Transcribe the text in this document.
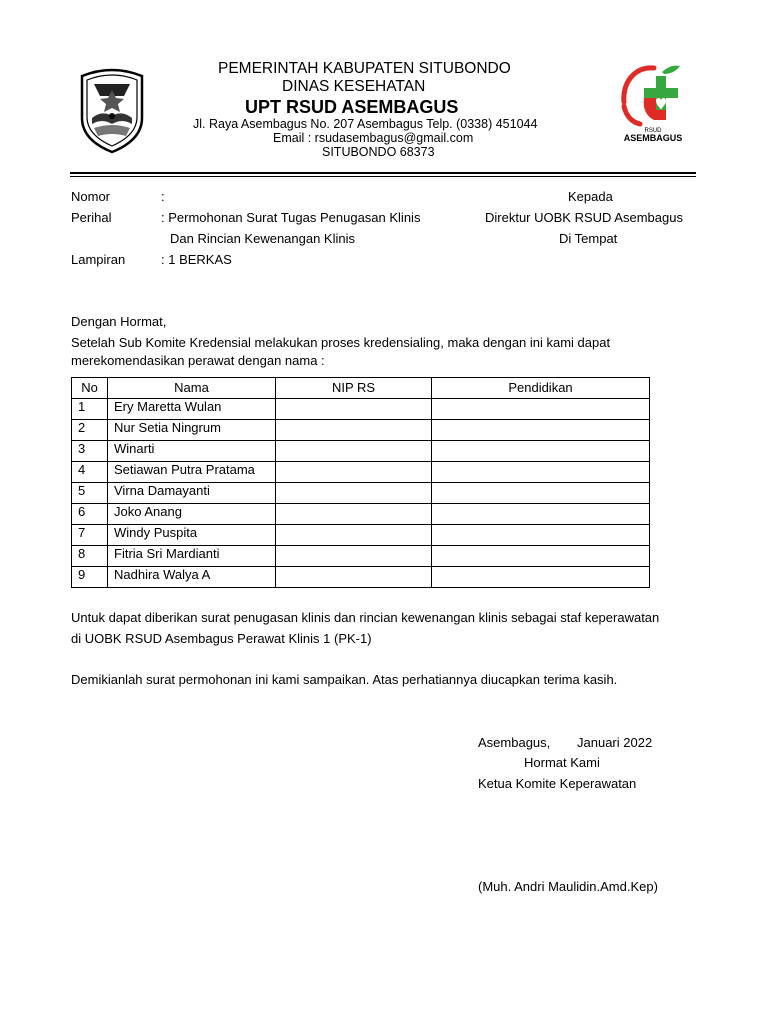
PEMERINTAH KABUPATEN SITUBONDO
DINAS KESEHATAN
UPT RSUD ASEMBAGUS
Jl. Raya Asembagus No. 207 Asembagus Telp. (0338) 451044
Email : rsudasembagus@gmail.com
SITUBONDO 68373
RSUD
ASEMBAGUS
Nomor	:
Perihal	: Permohonan Surat Tugas Penugasan Klinis
Dan Rincian Kewenangan Klinis
Lampiran	: 1 BERKAS
Kepada
Direktur UOBK RSUD Asembagus
Di Tempat
Dengan Hormat,
Setelah Sub Komite Kredensial melakukan proses kredensialing, maka dengan ini kami dapat
merekomendasikan perawat dengan nama :
No	Nama	NIP RS	Pendidikan
1	Ery Maretta Wulan		
2	Nur Setia Ningrum		
3	Winarti		
4	Setiawan Putra Pratama		
5	Virna Damayanti		
6	Joko Anang		
7	Windy Puspita		
8	Fitria Sri Mardianti		
9	Nadhira Walya A		
Untuk dapat diberikan surat penugasan klinis dan rincian kewenangan klinis sebagai staf keperawatan
di UOBK RSUD Asembagus Perawat Klinis 1 (PK-1)
Demikianlah surat permohonan ini kami sampaikan. Atas perhatiannya diucapkan terima kasih.
Asembagus, Januari 2022
Hormat Kami
Ketua Komite Keperawatan
(Muh. Andri Maulidin.Amd.Kep)
